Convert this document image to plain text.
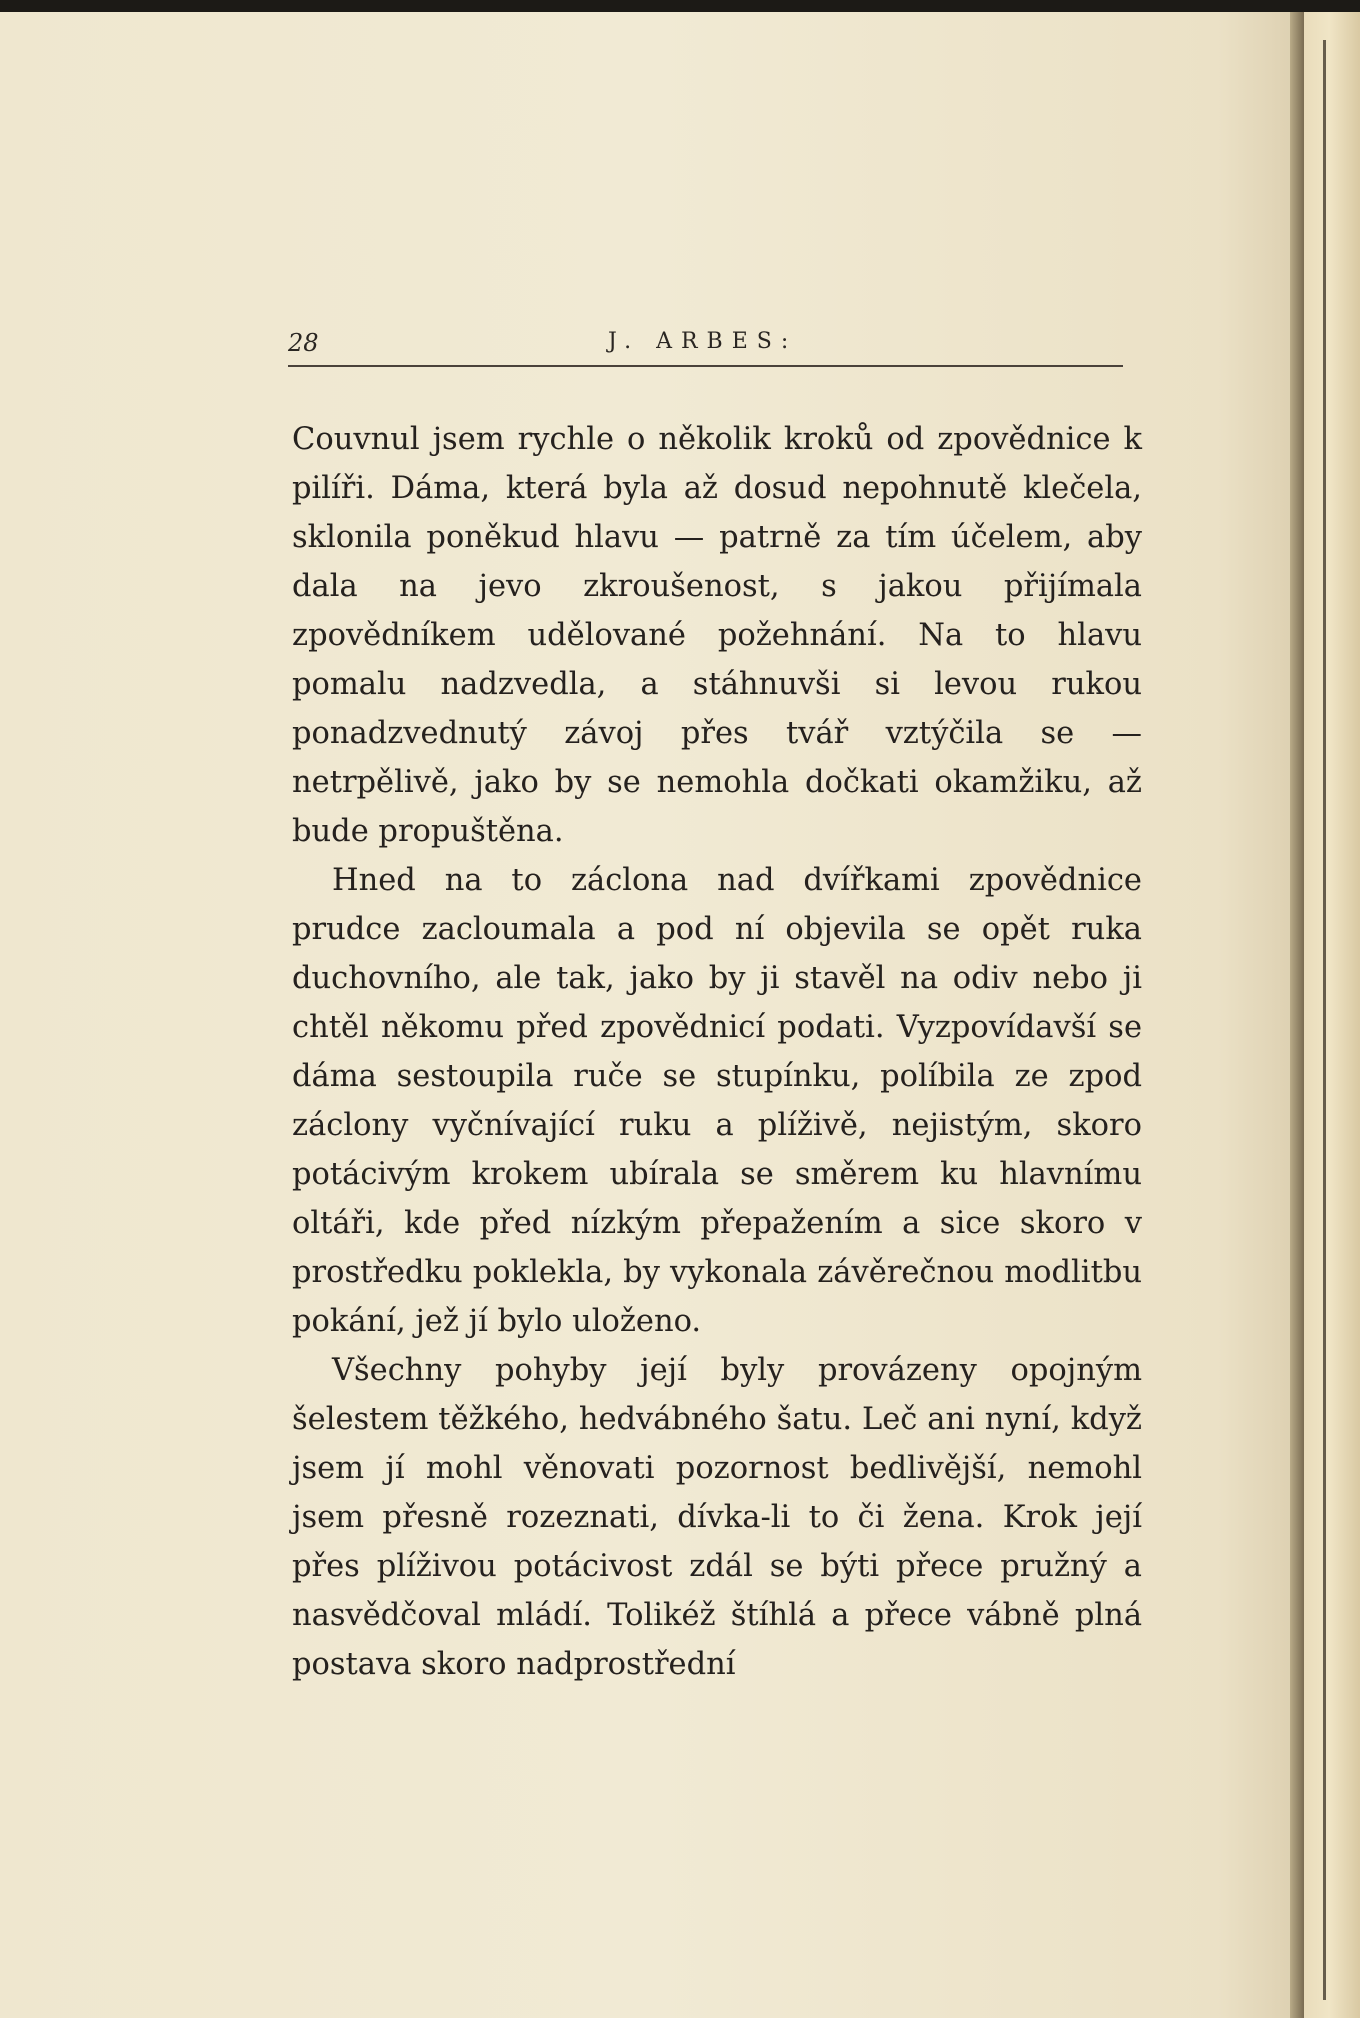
28	J. ARBES:

Couvnul jsem rychle o několik kroků od zpovědnice k pilíři. Dáma, která byla až dosud nepohnutě klečela, sklonila poněkud hlavu — patrně za tím účelem, aby dala na jevo zkroušenost, s jakou přijímala zpovědníkem udělované požehnání. Na to hlavu pomalu nadzvedla, a stáhnuvši si levou rukou ponadzvednutý závoj přes tvář vztýčila se — netrpělivě, jako by se nemohla dočkati okamžiku, až bude propuštěna.

Hned na to záclona nad dvířkami zpovědnice prudce zacloumala a pod ní objevila se opět ruka duchovního, ale tak, jako by ji stavěl na odiv nebo ji chtěl někomu před zpovědnicí podati. Vyzpovídavší se dáma sestoupila ruče se stupínku, políbila ze zpod záclony vyčnívající ruku a plíživě, nejistým, skoro potácivým krokem ubírala se směrem ku hlavnímu oltáři, kde před nízkým přepažením a sice skoro v prostředku poklekla, by vykonala závěrečnou modlitbu pokání, jež jí bylo uloženo.

Všechny pohyby její byly provázeny opojným šelestem těžkého, hedvábného šatu. Leč ani nyní, když jsem jí mohl věnovati pozornost bedlivější, nemohl jsem přesně rozeznati, dívka-li to či žena. Krok její přes plíživou potácivost zdál se býti přece pružný a nasvědčoval mládí. Tolikéž štíhlá a přece vábně plná postava skoro nadprostřední
